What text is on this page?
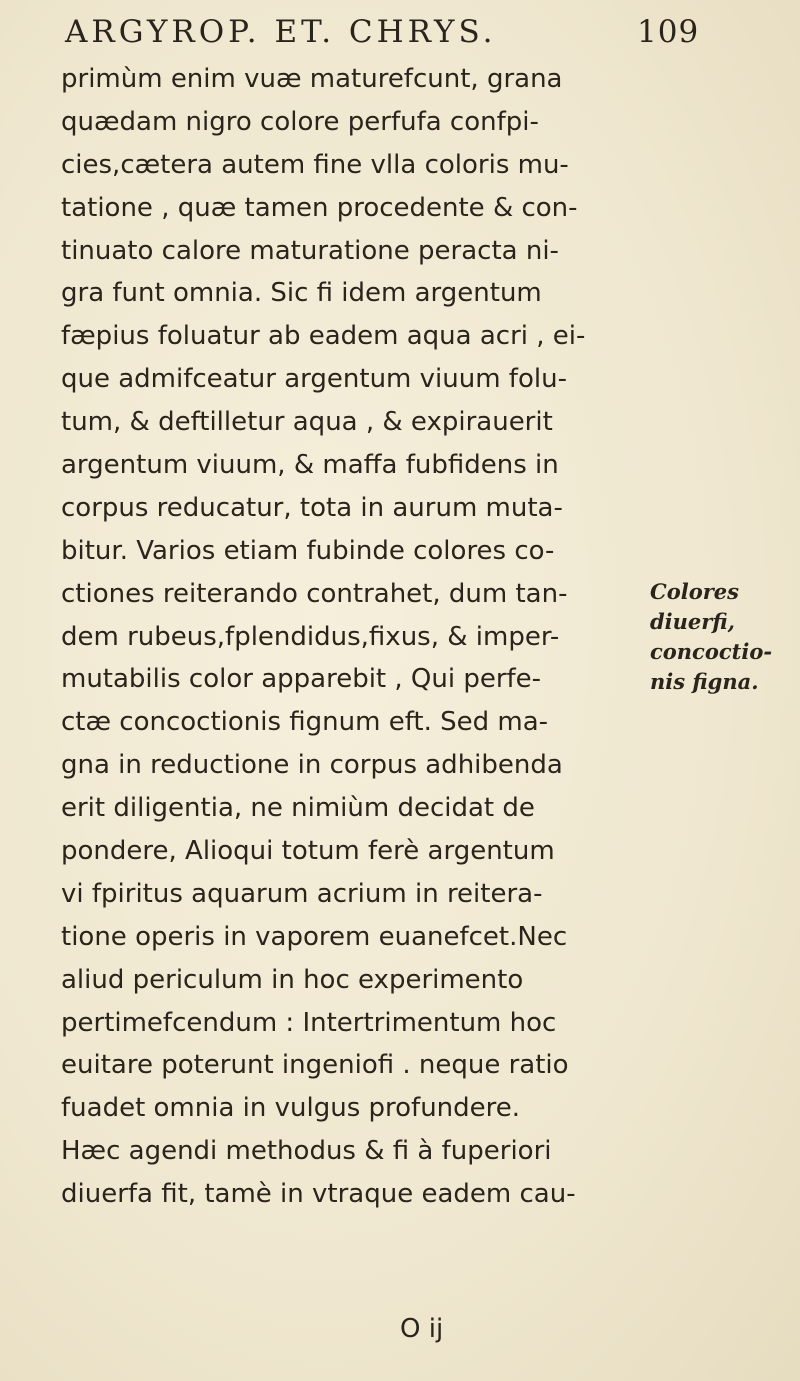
ARGYROP. ET. CHRYS.	109
primùm enim vuæ maturefcunt, grana
quædam nigro colore perfufa confpi-
cies,cætera autem fine vlla coloris mu-
tatione , quæ tamen procedente & con-
tinuato calore maturatione peracta ni-
gra funt omnia. Sic fi idem argentum
fæpius foluatur ab eadem aqua acri , ei-
que admifceatur argentum viuum folu-
tum, & deftilletur aqua , & expirauerit
argentum viuum, & maffa fubfidens in
corpus reducatur, tota in aurum muta-
bitur. Varios etiam fubinde colores co-
ctiones reiterando contrahet, dum tan-
dem rubeus,fplendidus,fixus, & imper-
mutabilis color apparebit , Qui perfe-
ctæ concoctionis fignum eft. Sed ma-
gna in reductione in corpus adhibenda
erit diligentia, ne nimiùm decidat de
pondere, Alioqui totum ferè argentum
vi fpiritus aquarum acrium in reitera-
tione operis in vaporem euanefcet.Nec
aliud periculum in hoc experimento
pertimefcendum : Intertrimentum hoc
euitare poterunt ingeniofi . neque ratio
fuadet omnia in vulgus profundere.
Hæc agendi methodus & fi à fuperiori
diuerfa fit, tamè in vtraque eadem cau-
Colores
diuerfi,
concoctio-
nis figna.
O ij
